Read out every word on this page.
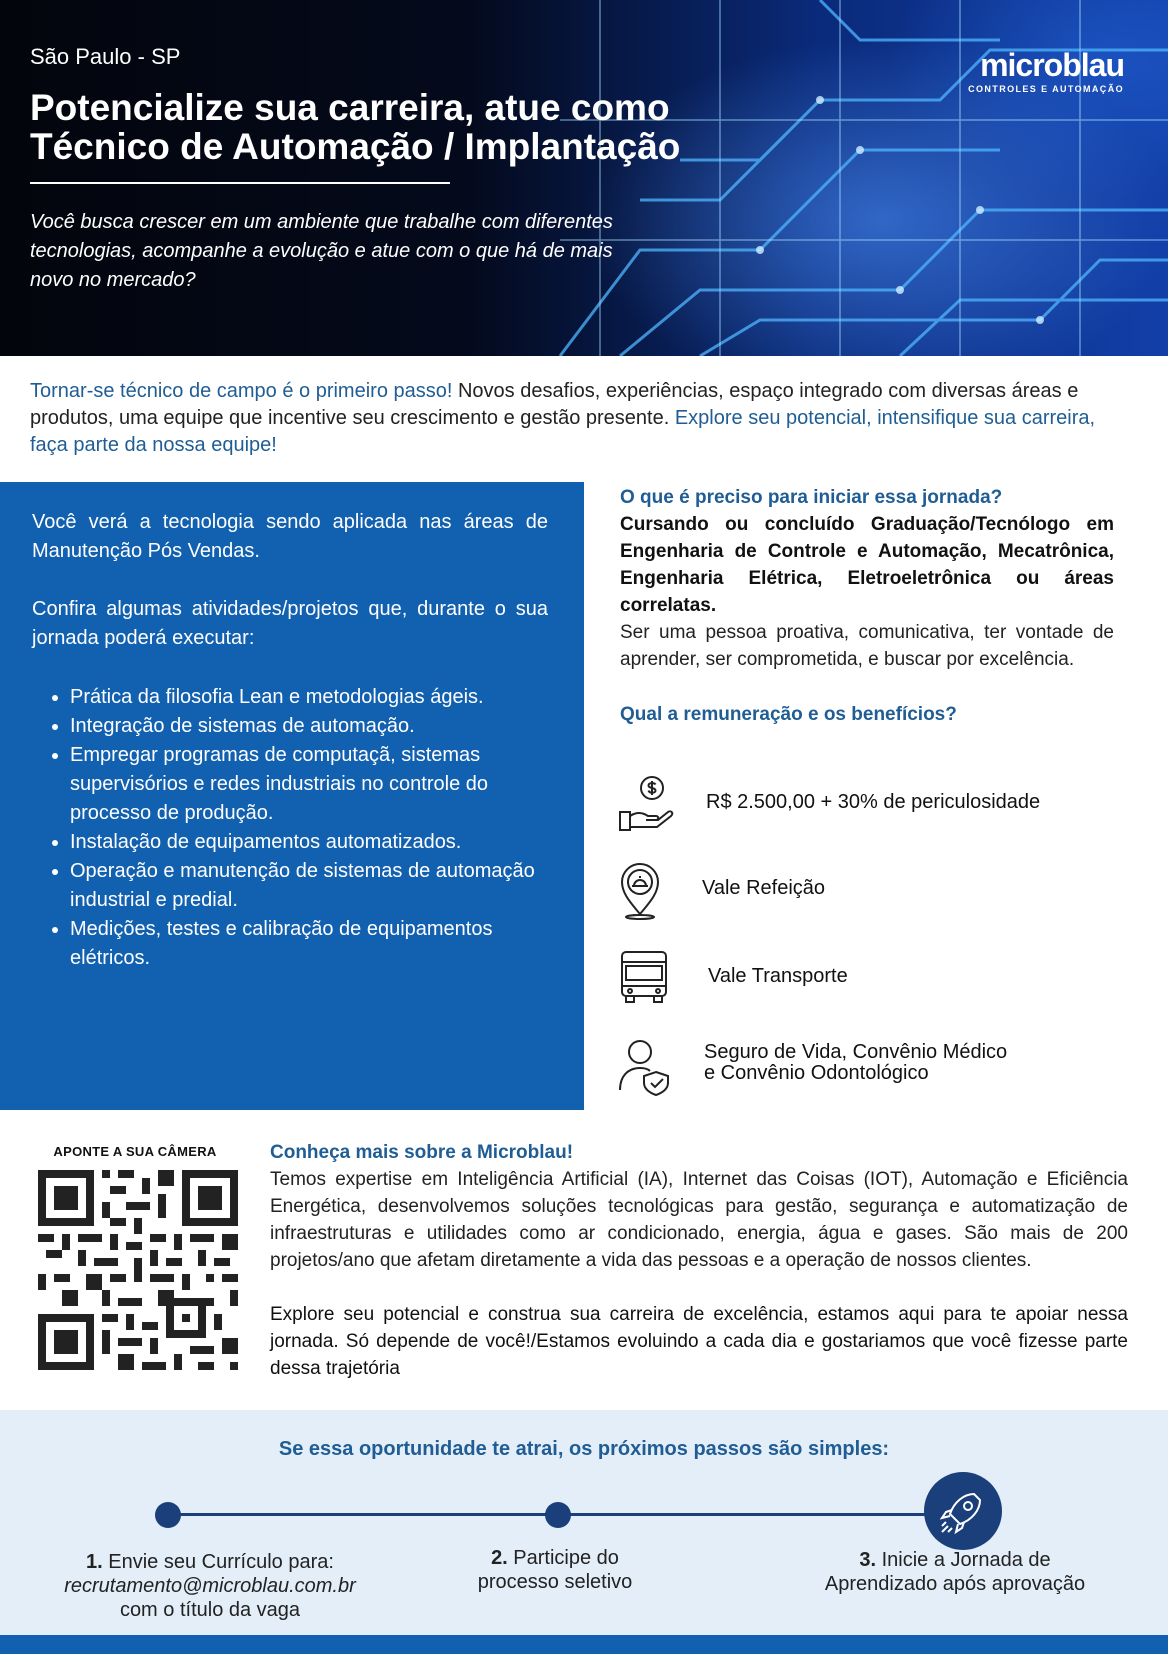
São Paulo - SP
Potencialize sua carreira, atue como
Técnico de Automação / Implantação
Você busca crescer em um ambiente que trabalhe com diferentes tecnologias, acompanhe a evolução e atue com o que há de mais novo no mercado?
microblau
CONTROLES E AUTOMAÇÃO
Tornar-se técnico de campo é o primeiro passo! Novos desafios, experiências, espaço integrado com diversas áreas e produtos, uma equipe que incentive seu crescimento e gestão presente. Explore seu potencial, intensifique sua carreira, faça parte da nossa equipe!

Você verá a tecnologia sendo aplicada nas áreas de Manutenção Pós Vendas.

Confira algumas atividades/projetos que, durante o sua jornada poderá executar:

• Prática da filosofia Lean e metodologias ágeis.
• Integração de sistemas de automação.
• Empregar programas de computaçã, sistemas supervisórios e redes industriais no controle do processo de produção.
• Instalação de equipamentos automatizados.
• Operação e manutenção de sistemas de automação industrial e predial.
• Medições, testes e calibração de equipamentos elétricos.
O que é preciso para iniciar essa jornada?
Cursando ou concluído Graduação/Tecnólogo em Engenharia de Controle e Automação, Mecatrônica, Engenharia Elétrica, Eletroeletrônica ou áreas correlatas.
Ser uma pessoa proativa, comunicativa, ter vontade de aprender, ser comprometida, e buscar por excelência.
Qual a remuneração e os benefícios?
R$ 2.500,00 + 30% de periculosidade
Vale Refeição
Vale Transporte
Seguro de Vida, Convênio Médico
e Convênio Odontológico
APONTE A SUA CÂMERA	Conheça mais sobre a Microblau!

Temos expertise em Inteligência Artificial (IA), Internet das Coisas (IOT), Automação e Eficiência Energética, desenvolvemos soluções tecnológicas para gestão, segurança e automatização de infraestruturas e utilidades como ar condicionado, energia, água e gases. São mais de 200 projetos/ano que afetam diretamente a vida das pessoas e a operação de nossos clientes.

Explore seu potencial e construa sua carreira de excelência, estamos aqui para te apoiar nessa jornada. Só depende de você!/Estamos evoluindo a cada dia e gostariamos que você fizesse parte dessa trajetória

Se essa oportunidade te atrai, os próximos passos são simples:
1. Envie seu Currículo para:
recrutamento@microblau.com.br
com o título da vaga
2. Participe do
processo seletivo
3. Inicie a Jornada de
Aprendizado após aprovação
